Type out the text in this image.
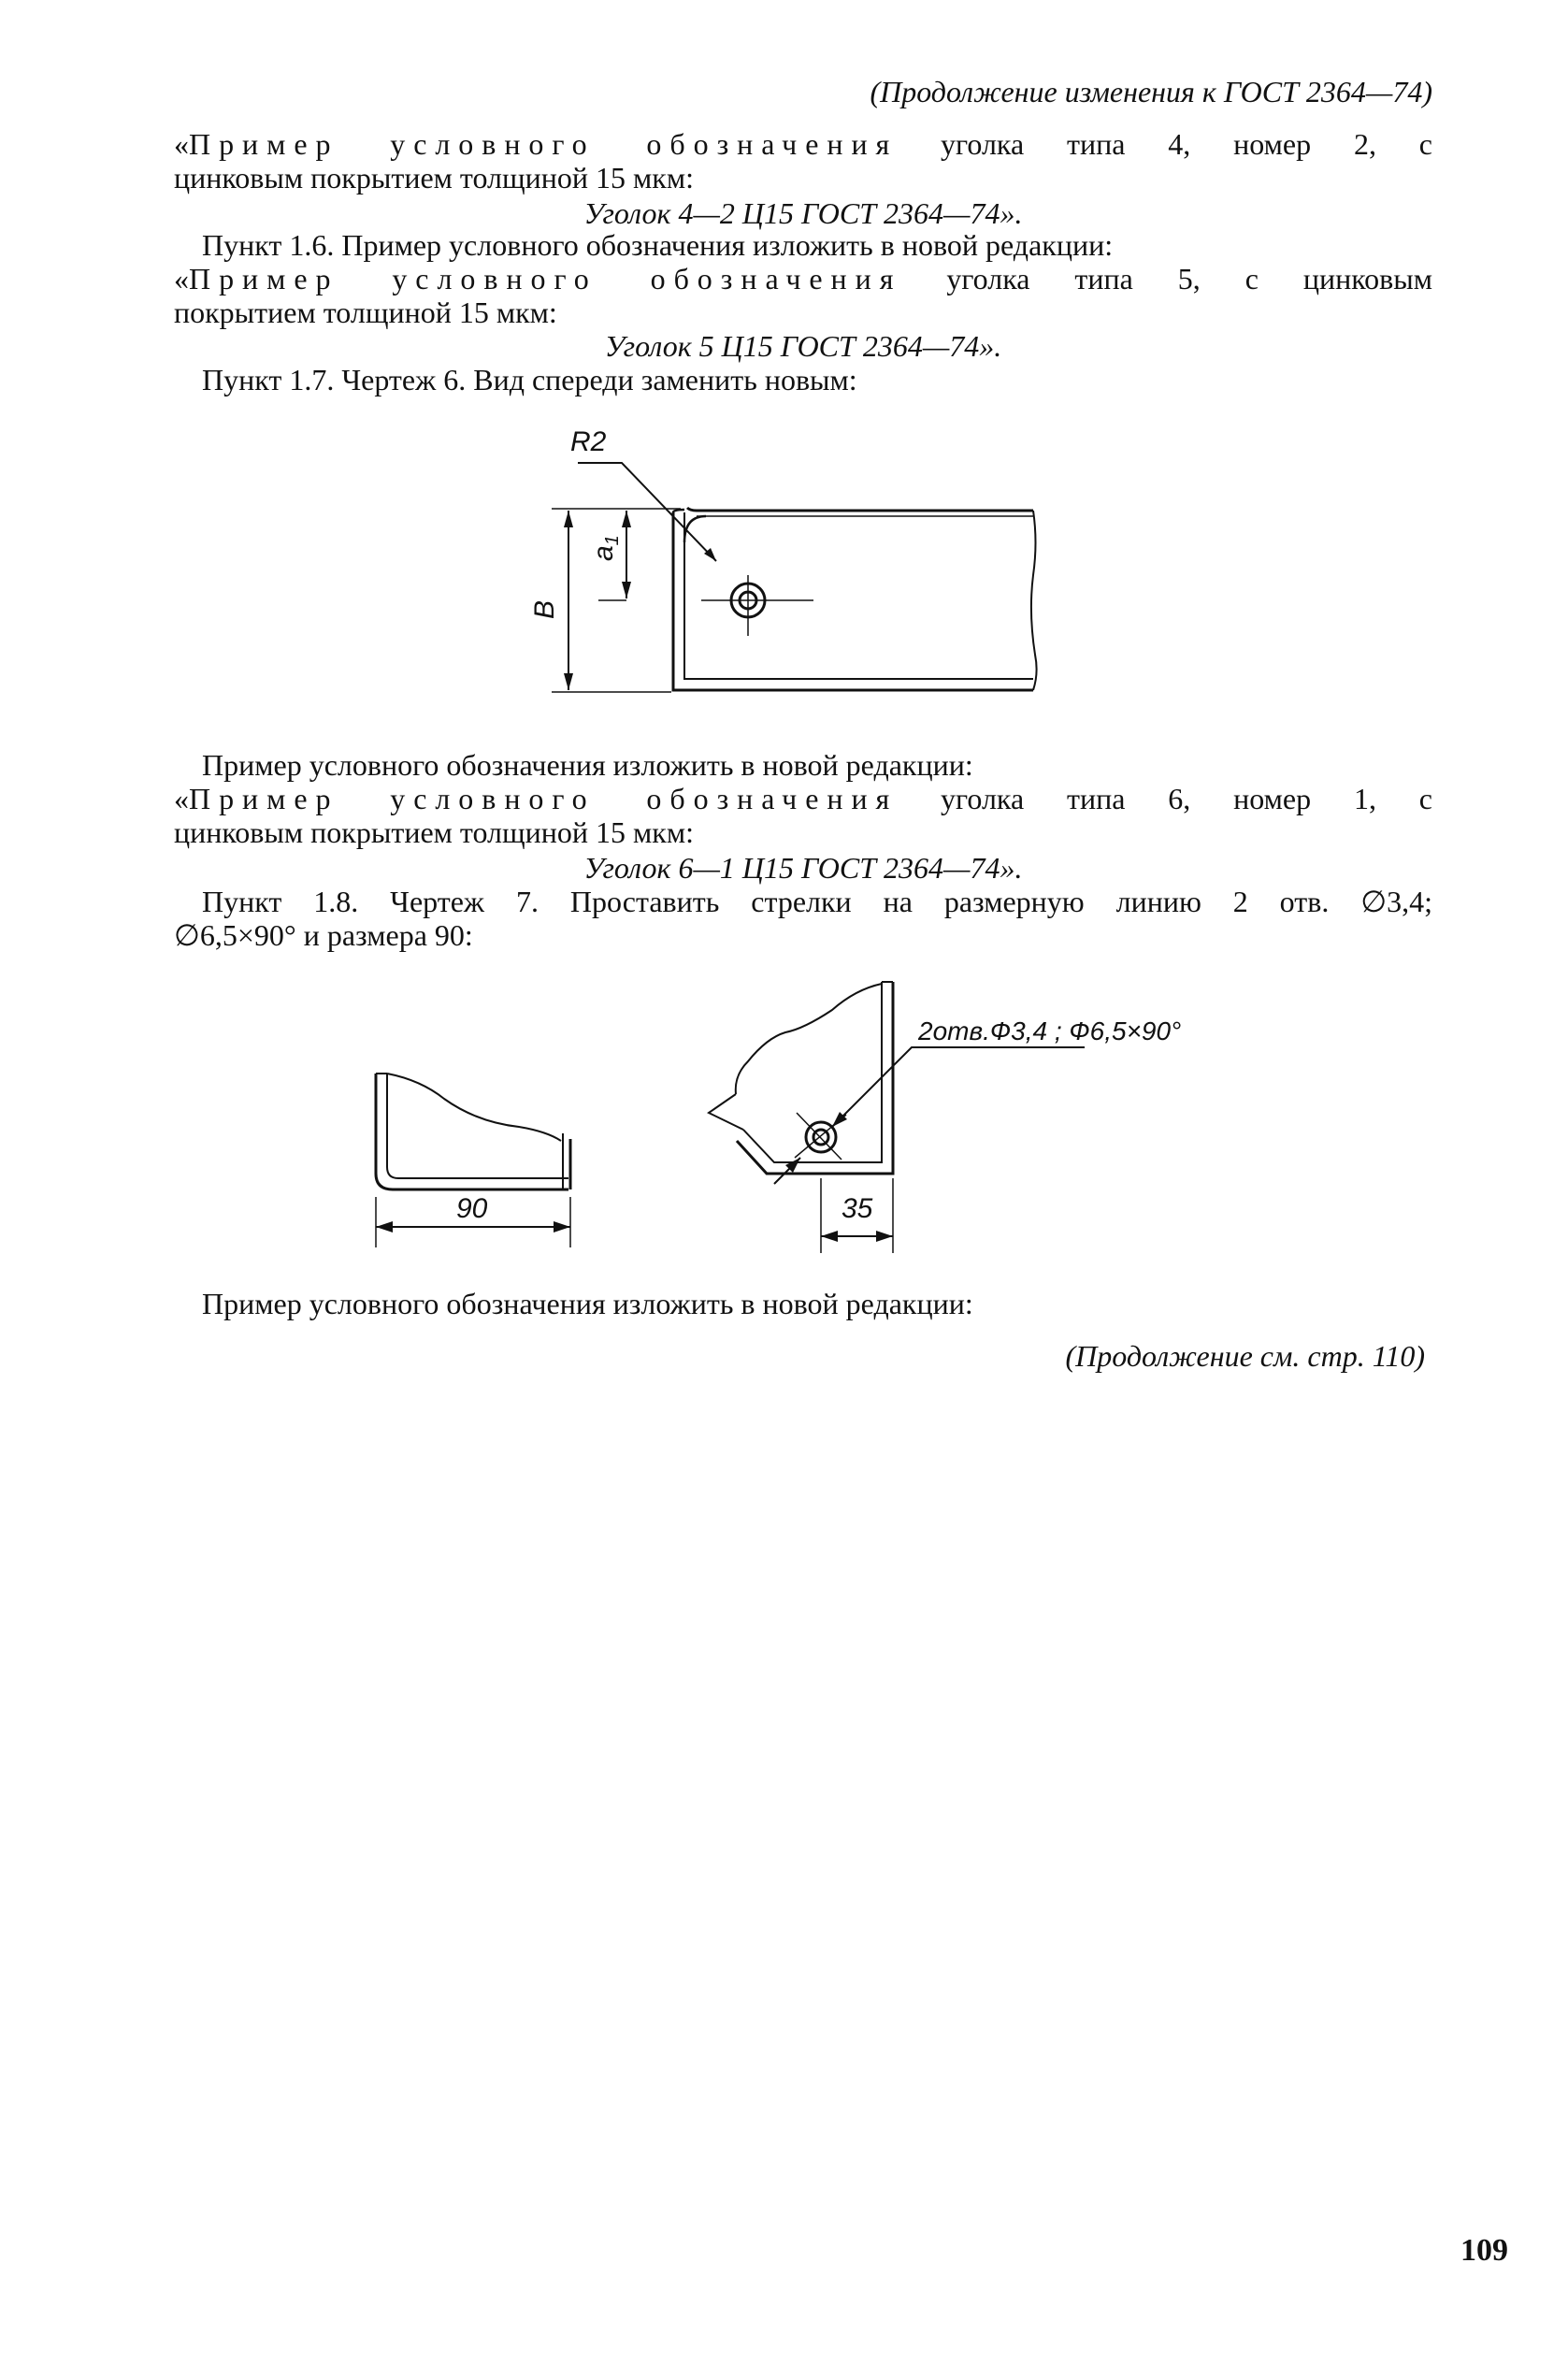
(Продолжение изменения к ГОСТ 2364—74)
«Пример условного обозначения уголка типа 4, номер 2, с
цинковым покрытием толщиной 15 мкм:
Уголок 4—2 Ц15 ГОСТ 2364—74».
Пункт 1.6. Пример условного обозначения изложить в новой редакции:
«Пример условного обозначения уголка типа 5, с цинковым
покрытием толщиной 15 мкм:
Уголок 5 Ц15 ГОСТ 2364—74».
Пункт 1.7. Чертеж 6. Вид спереди заменить новым:
R2
$a_1$
B
Пример условного обозначения изложить в новой редакции:
«Пример условного обозначения уголка типа 6, номер 1, с
цинковым покрытием толщиной 15 мкм:
Уголок 6—1 Ц15 ГОСТ 2364—74».
Пункт 1.8. Чертеж 7. Проставить стрелки на размерную линию 2 отв. ∅3,4;
∅6,5×90° и размера 90:
90	35
2отв.Ф3,4 ; Ф6,5×90°
Пример условного обозначения изложить в новой редакции:
(Продолжение см. стр. 110)
109
